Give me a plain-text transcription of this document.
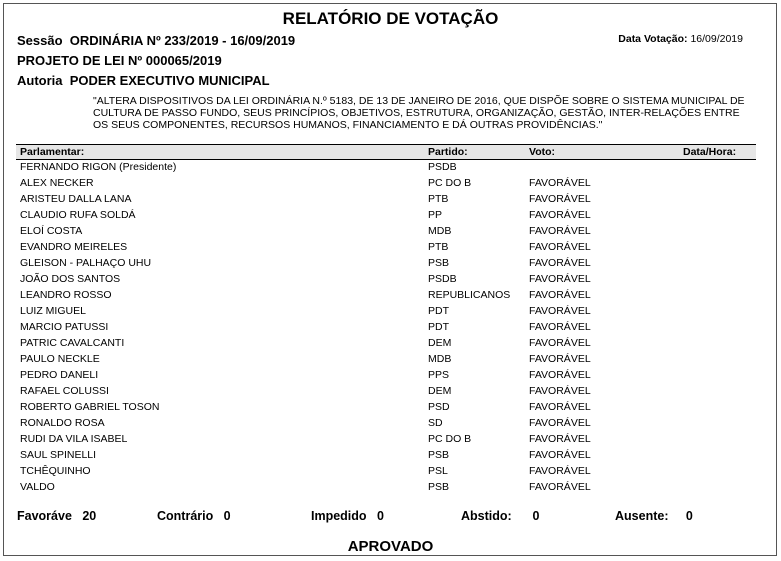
RELATÓRIO DE VOTAÇÃO
Sessão ORDINÁRIA Nº 233/2019 - 16/09/2019	Data Votação: 16/09/2019
PROJETO DE LEI Nº 000065/2019
Autoria PODER EXECUTIVO MUNICIPAL
"ALTERA DISPOSITIVOS DA LEI ORDINÁRIA N.º 5183, DE 13 DE JANEIRO DE 2016, QUE DISPÕE SOBRE O SISTEMA MUNICIPAL DE CULTURA DE PASSO FUNDO, SEUS PRINCÍPIOS, OBJETIVOS, ESTRUTURA, ORGANIZAÇÃO, GESTÃO, INTER-RELAÇÕES ENTRE OS SEUS COMPONENTES, RECURSOS HUMANOS, FINANCIAMENTO E DÁ OUTRAS PROVIDÊNCIAS."
Parlamentar:	Partido:	Voto:	Data/Hora:
FERNANDO RIGON (Presidente)	PSDB
ALEX NECKER	PC DO B	FAVORÁVEL
ARISTEU DALLA LANA	PTB	FAVORÁVEL
CLAUDIO RUFA SOLDÁ	PP	FAVORÁVEL
ELOÍ COSTA	MDB	FAVORÁVEL
EVANDRO MEIRELES	PTB	FAVORÁVEL
GLEISON - PALHAÇO UHU	PSB	FAVORÁVEL
JOÃO DOS SANTOS	PSDB	FAVORÁVEL
LEANDRO ROSSO	REPUBLICANOS FAVORÁVEL
LUIZ MIGUEL	PDT	FAVORÁVEL
MARCIO PATUSSI	PDT	FAVORÁVEL
PATRIC CAVALCANTI	DEM	FAVORÁVEL
PAULO NECKLE	MDB	FAVORÁVEL
PEDRO DANELI	PPS	FAVORÁVEL
RAFAEL COLUSSI	DEM	FAVORÁVEL
ROBERTO GABRIEL TOSON	PSD	FAVORÁVEL
RONALDO ROSA	SD	FAVORÁVEL
RUDI DA VILA ISABEL	PC DO B	FAVORÁVEL
SAUL SPINELLI	PSB	FAVORÁVEL
TCHÊQUINHO	PSL	FAVORÁVEL
VALDO	PSB	FAVORÁVEL
Favoráve 20	Contrário 0	Impedido 0	Abstido: 0	Ausente: 0
APROVADO
